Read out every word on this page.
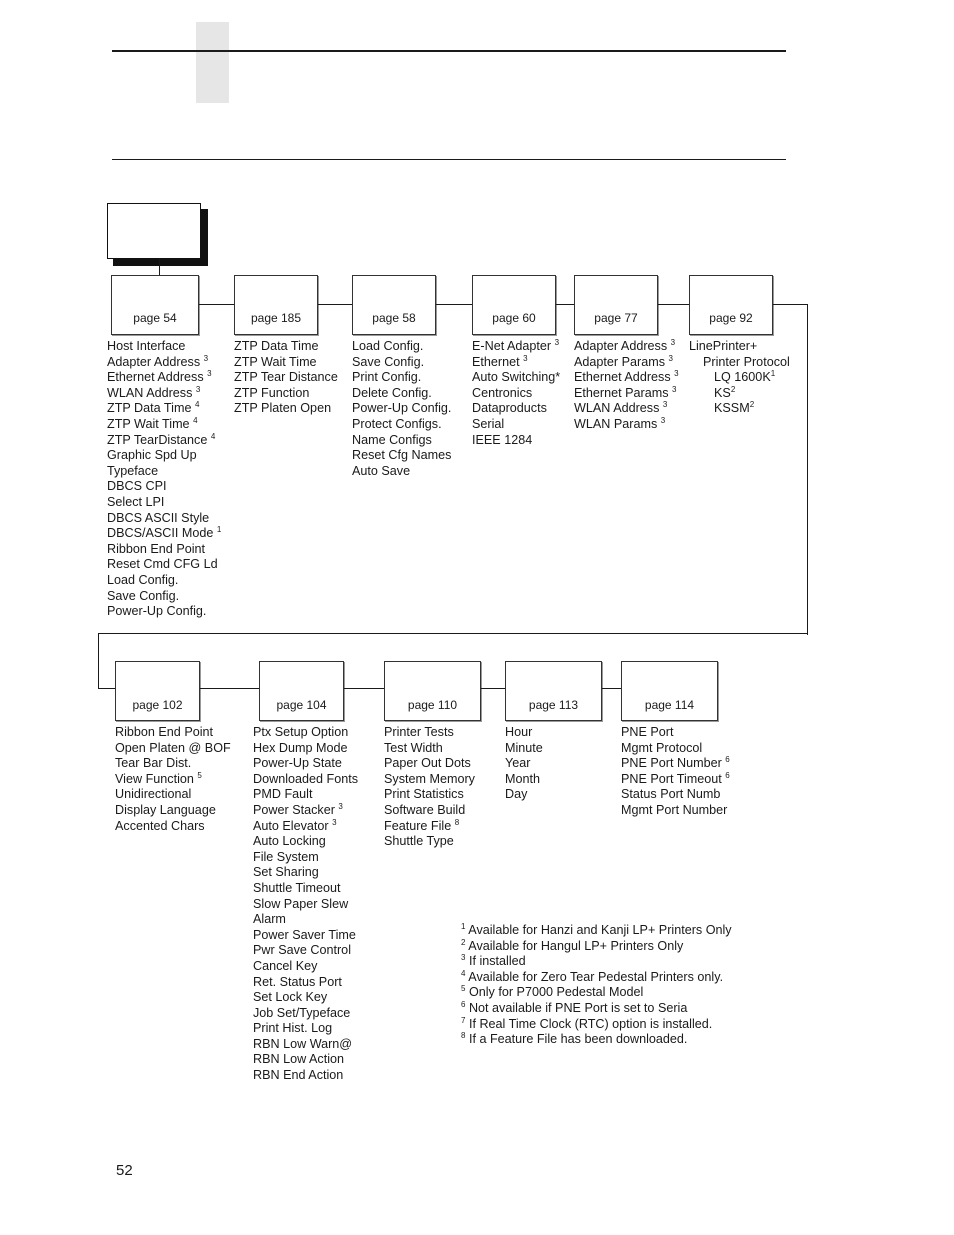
page 54
Host Interface
Adapter Address $^3$
Ethernet Address $^3$
WLAN Address $^3$
ZTP Data Time $^4$
ZTP Wait Time $^4$
ZTP TearDistance $^4$
Graphic Spd Up
Typeface
DBCS CPI
Select LPI
DBCS ASCII Style
DBCS/ASCII Mode $^1$
Ribbon End Point
Reset Cmd CFG Ld
Load Config.
Save Config.
Power-Up Config.
page 185
ZTP Data Time
ZTP Wait Time
ZTP Tear Distance
ZTP Function
ZTP Platen Open
page 58
Load Config.
Save Config.
Print Config.
Delete Config.
Power-Up Config.
Protect Configs.
Name Configs
Reset Cfg Names
Auto Save
page 60
E-Net Adapter $^3$
Ethernet $^3$
Auto Switching*
Centronics
Dataproducts
Serial
IEEE 1284
page 77
Adapter Address $^3$
Adapter Params $^3$
Ethernet Address $^3$
Ethernet Params $^3$
WLAN Address $^3$
WLAN Params $^3$
page 92
LinePrinter+
Printer Protocol
LQ $1600K^1$
$KS^2$
KSSM$^2$
page 102
Ribbon End Point
Open Platen @ BOF
Tear Bar Dist.
View Function $^5$
Unidirectional
Display Language
Accented Chars
page 104
Ptx Setup Option
Hex Dump Mode
Power-Up State
Downloaded Fonts
PMD Fault
Power Stacker $^3$
Auto Elevator $^3$
Auto Locking
File System
Set Sharing
Shuttle Timeout
Slow Paper Slew
Alarm
Power Saver Time
Pwr Save Control
Cancel Key
Ret. Status Port
Set Lock Key
Job Set/Typeface
Print Hist. Log
RBN Low Warn@
RBN Low Action
RBN End Action
page 110
Printer Tests
Test Width
Paper Out Dots
System Memory
Print Statistics
Software Build
Feature File $^8$
Shuttle Type
page 113
Hour
Minute
Year
Month
Day
page 114
PNE Port
Mgmt Protocol
PNE Port Number $^6$
PNE Port Timeout $^6$
Status Port Numb
Mgmt Port Number
$^1$ Available for Hanzi and Kanji LP+ Printers Only
$^2$ Available for Hangul LP+ Printers Only
$^3$ If installed
$^4$ Available for Zero Tear Pedestal Printers only.
$^5$ Only for P7000 Pedestal Model
$^6$ Not available if PNE Port is set to Seria
$^7$ If Real Time Clock (RTC) option is installed.
$^8$ If a Feature File has been downloaded.
52
